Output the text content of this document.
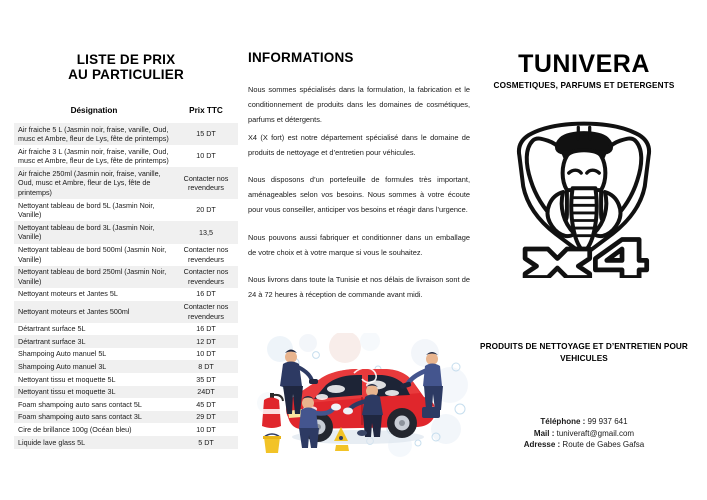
LISTE DE PRIX
AU PARTICULIER
Désignation	Prix TTC
Air fraiche 5 L (Jasmin noir, fraise, vanille, Oud, musc et Ambre, fleur de Lys, fête de printemps)	15 DT
Air fraiche 3 L (Jasmin noir, fraise, vanille, Oud, musc et Ambre, fleur de Lys, fête de printemps)	10 DT
Air fraiche 250ml (Jasmin noir, fraise, vanille, Oud, musc et Ambre, fleur de Lys, fête de printemps)	Contacter nos revendeurs
Nettoyant tableau de bord 5L (Jasmin Noir, Vanille)	20 DT
Nettoyant tableau de bord 3L (Jasmin Noir, Vanille)	13,5
Nettoyant tableau de bord 500ml (Jasmin Noir, Vanille)	Contacter nos revendeurs
Nettoyant tableau de bord 250ml (Jasmin Noir, Vanille)	Contacter nos revendeurs
Nettoyant moteurs et Jantes 5L	16 DT
Nettoyant moteurs et Jantes 500ml	Contacter nos revendeurs
Détartrant surface 5L	16 DT
Détartrant surface 3L	12 DT
Shampoing Auto manuel 5L	10 DT
Shampoing Auto manuel 3L	8 DT
Nettoyant tissu et moquette 5L	35 DT
Nettoyant tissu et moquette 3L	24DT
Foam shampoing auto sans contact 5L	45 DT
Foam shampoing auto sans contact 3L	29 DT
Cire de brillance 100g (Océan bleu)	10 DT
Liquide lave glass 5L	5 DT
INFORMATIONS

Nous sommes spécialisés dans la formulation, la fabrication et le conditionnement de produits dans les domaines de cosmétiques, parfums et détergents.

X4 (X fort) est notre département spécialisé dans le domaine de produits de nettoyage et d’entretien pour véhicules.

Nous disposons d’un portefeuille de formules très important, aménageables selon vos besoins. Nous sommes à votre écoute pour vous conseiller, anticiper vos besoins et réagir dans l’urgence.

Nous pouvons aussi fabriquer et conditionner dans un emballage de votre choix et à votre marque si vous le souhaitez.

Nous livrons dans toute la Tunisie et nos délais de livraison sont de 24 à 72 heures à réception de commande avant midi.

TUNIVERA
COSMETIQUES, PARFUMS ET DETERGENTS
PRODUITS DE NETTOYAGE ET D’ENTRETIEN POUR VEHICULES
Téléphone : 99 937 641
Mail : tuniveraft@gmail.com
Adresse : Route de Gabes Gafsa
